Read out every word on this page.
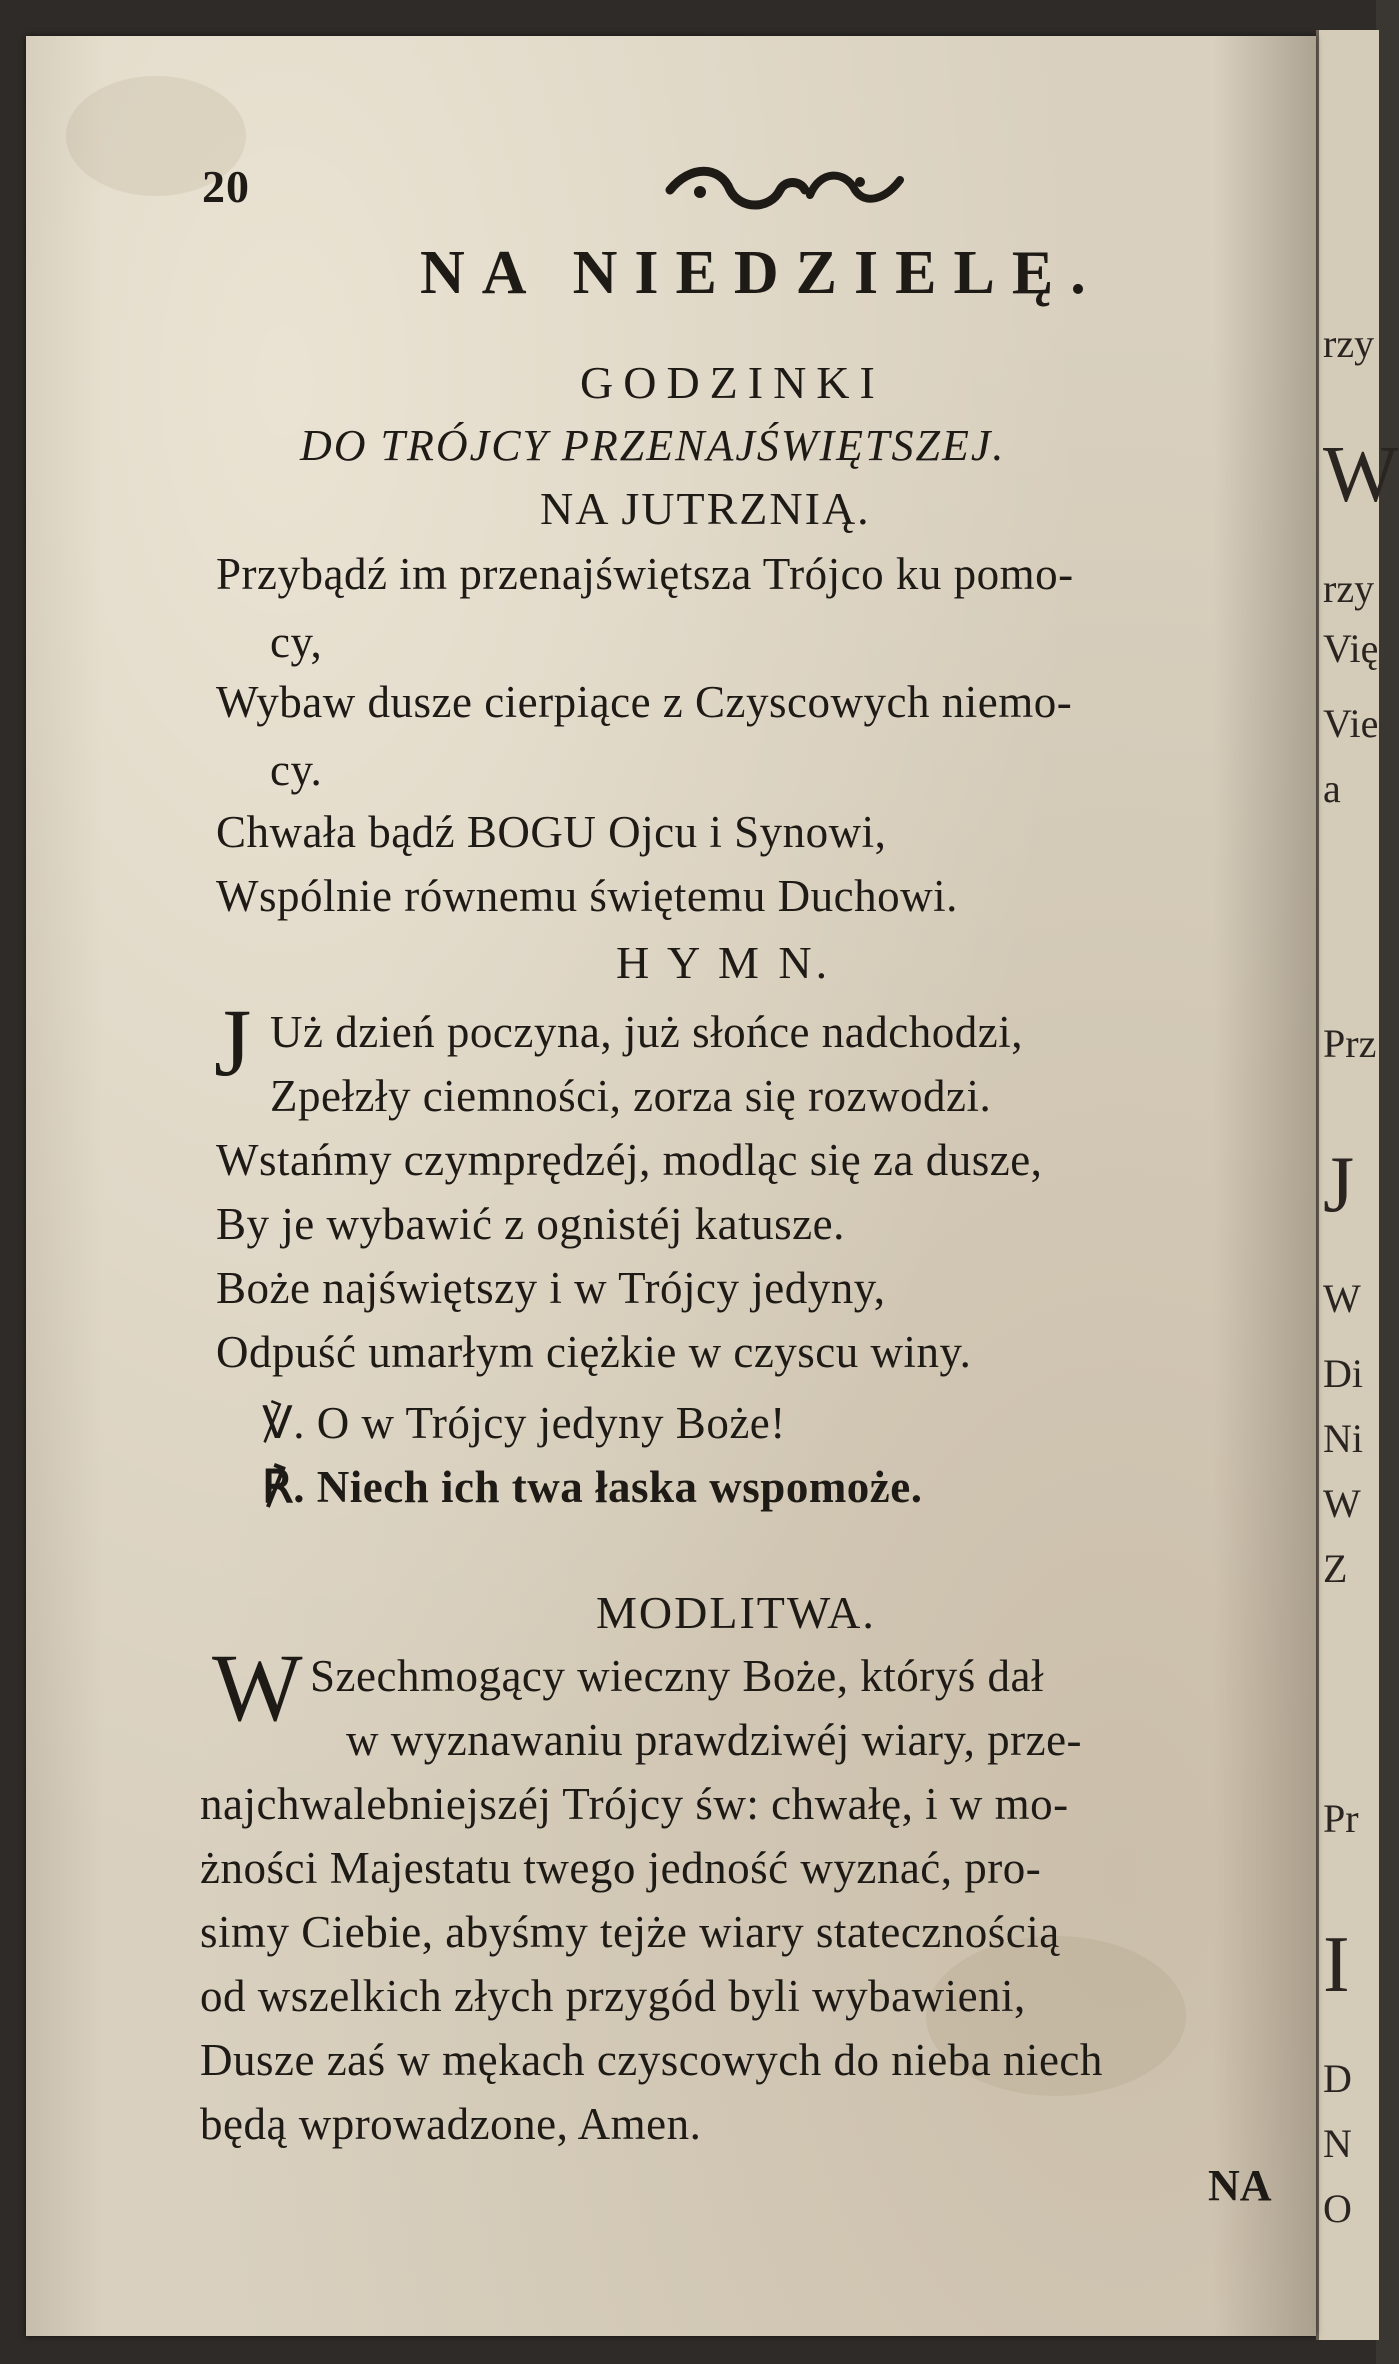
rzy
W
rzy
Vię
Vie
a
Prz
J
W
Di
Ni
W
Z
Pr
I
D
N
O
20
NA NIEDZIELĘ.
GODZINKI
DO TRÓJCY PRZENAJŚWIĘTSZEJ.
NA JUTRZNIĄ.
Przybądź im przenajświętsza Trójco ku pomo-
cy,
Wybaw dusze cierpiące z Czyscowych niemo-
cy.
Chwała bądź BOGU Ojcu i Synowi,
Wspólnie równemu świętemu Duchowi.
H Y M N.
J Uż dzień poczyna, już słońce nadchodzi,
Zpełzły ciemności, zorza się rozwodzi.
Wstańmy czymprędzéj, modląc się za dusze,
By je wybawić z ognistéj katusze.
Boże najświętszy i w Trójcy jedyny,
Odpuść umarłym ciężkie w czyscu winy.
℣. O w Trójcy jedyny Boże!
℟. Niech ich twa łaska wspomoże.
MODLITWA.
W Szechmogący wieczny Boże, któryś dał
w wyznawaniu prawdziwéj wiary, prze-
najchwalebniejszéj Trójcy św: chwałę, i w mo-
żności Majestatu twego jedność wyznać, pro-
simy Ciebie, abyśmy tejże wiary statecznością
od wszelkich złych przygód byli wybawieni,
Dusze zaś w mękach czyscowych do nieba niech
będą wprowadzone, Amen.
NA
